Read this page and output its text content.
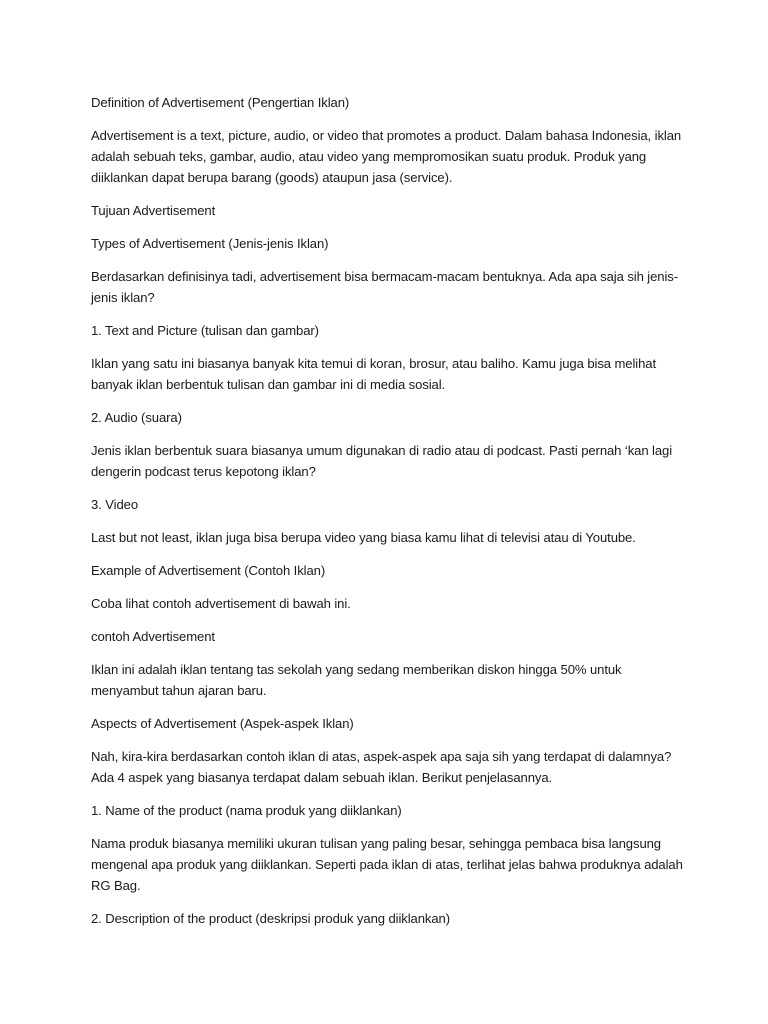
Definition of Advertisement (Pengertian Iklan)

Advertisement is a text, picture, audio, or video that promotes a product. Dalam bahasa Indonesia, iklan adalah sebuah teks, gambar, audio, atau video yang mempromosikan suatu produk. Produk yang diiklankan dapat berupa barang (goods) ataupun jasa (service).

Tujuan Advertisement

Types of Advertisement (Jenis-jenis Iklan)

Berdasarkan definisinya tadi, advertisement bisa bermacam-macam bentuknya. Ada apa saja sih jenis-jenis iklan?

1. Text and Picture (tulisan dan gambar)

Iklan yang satu ini biasanya banyak kita temui di koran, brosur, atau baliho. Kamu juga bisa melihat banyak iklan berbentuk tulisan dan gambar ini di media sosial.

2. Audio (suara)

Jenis iklan berbentuk suara biasanya umum digunakan di radio atau di podcast. Pasti pernah ‘kan lagi dengerin podcast terus kepotong iklan?

3. Video

Last but not least, iklan juga bisa berupa video yang biasa kamu lihat di televisi atau di Youtube.

Example of Advertisement (Contoh Iklan)

Coba lihat contoh advertisement di bawah ini.

contoh Advertisement

Iklan ini adalah iklan tentang tas sekolah yang sedang memberikan diskon hingga 50% untuk menyambut tahun ajaran baru.

Aspects of Advertisement (Aspek-aspek Iklan)

Nah, kira-kira berdasarkan contoh iklan di atas, aspek-aspek apa saja sih yang terdapat di dalamnya? Ada 4 aspek yang biasanya terdapat dalam sebuah iklan. Berikut penjelasannya.

1. Name of the product (nama produk yang diiklankan)

Nama produk biasanya memiliki ukuran tulisan yang paling besar, sehingga pembaca bisa langsung mengenal apa produk yang diiklankan. Seperti pada iklan di atas, terlihat jelas bahwa produknya adalah RG Bag.

2. Description of the product (deskripsi produk yang diiklankan)
